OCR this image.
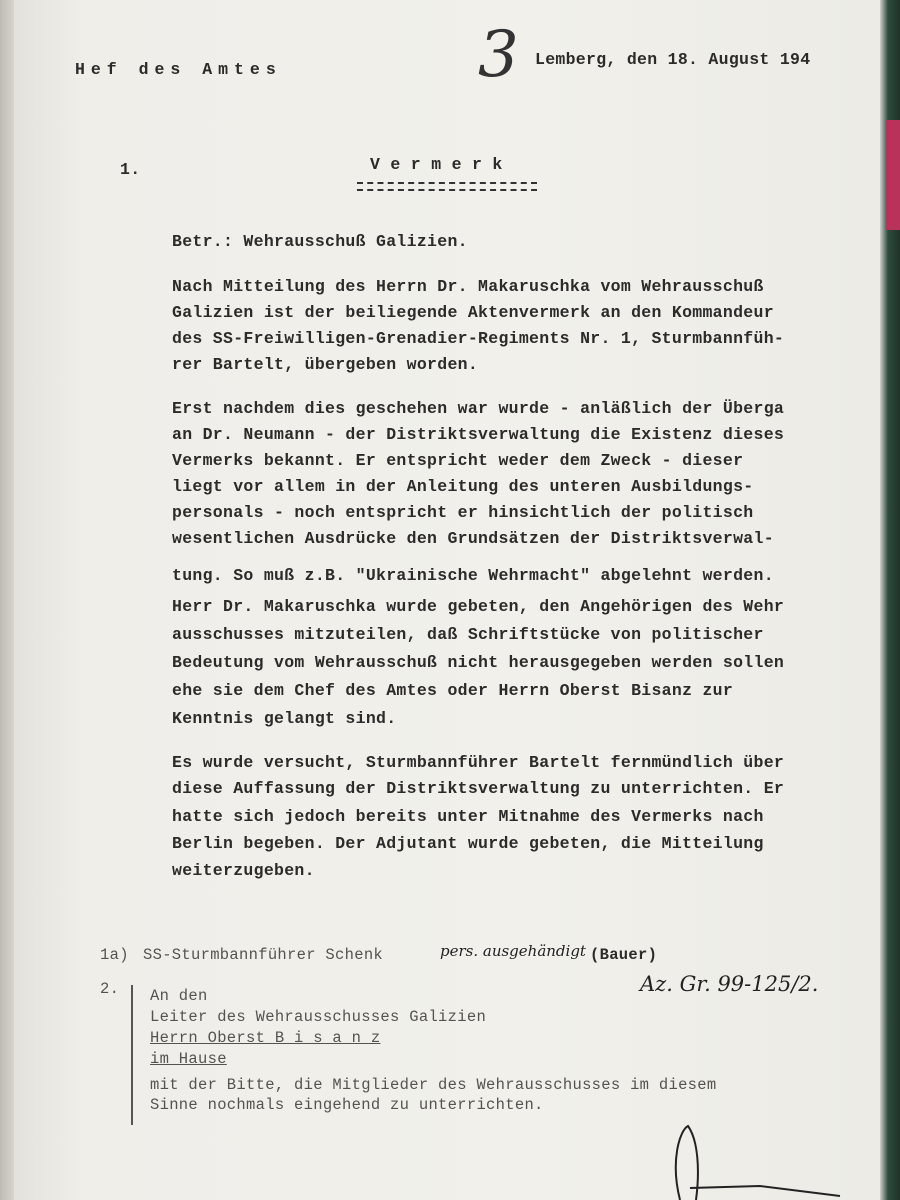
Hef des Amtes	3 Lemberg, den 18. August 194
1.	V e r m e r k
Betr.: Wehrausschuß Galizien.
Nach Mitteilung des Herrn Dr. Makaruschka vom Wehrausschuß
Galizien ist der beiliegende Aktenvermerk an den Kommandeur
des SS-Freiwilligen-Grenadier-Regiments Nr. 1, Sturmbannfüh-
rer Bartelt, übergeben worden.
Erst nachdem dies geschehen war wurde - anläßlich der Überga
an Dr. Neumann - der Distriktsverwaltung die Existenz dieses
Vermerks bekannt. Er entspricht weder dem Zweck - dieser
liegt vor allem in der Anleitung des unteren Ausbildungs-
personals - noch entspricht er hinsichtlich der politisch
wesentlichen Ausdrücke den Grundsätzen der Distriktsverwal-
tung. So muß z.B. "Ukrainische Wehrmacht" abgelehnt werden.
Herr Dr. Makaruschka wurde gebeten, den Angehörigen des Wehr
ausschusses mitzuteilen, daß Schriftstücke von politischer
Bedeutung vom Wehrausschuß nicht herausgegeben werden sollen
ehe sie dem Chef des Amtes oder Herrn Oberst Bisanz zur
Kenntnis gelangt sind.
Es wurde versucht, Sturmbannführer Bartelt fernmündlich über
diese Auffassung der Distriktsverwaltung zu unterrichten. Er
hatte sich jedoch bereits unter Mitnahme des Vermerks nach
Berlin begeben. Der Adjutant wurde gebeten, die Mitteilung
weiterzugeben.
1a) SS-Sturmbannführer Schenk	pers. ausgehändigt (Bauer)
2.	Az. Gr. 99-125/2.
An den
Leiter des Wehrausschusses Galizien
Herrn Oberst B i s a n z
im Hause
mit der Bitte, die Mitglieder des Wehrausschusses im diesem
Sinne nochmals eingehend zu unterrichten.
